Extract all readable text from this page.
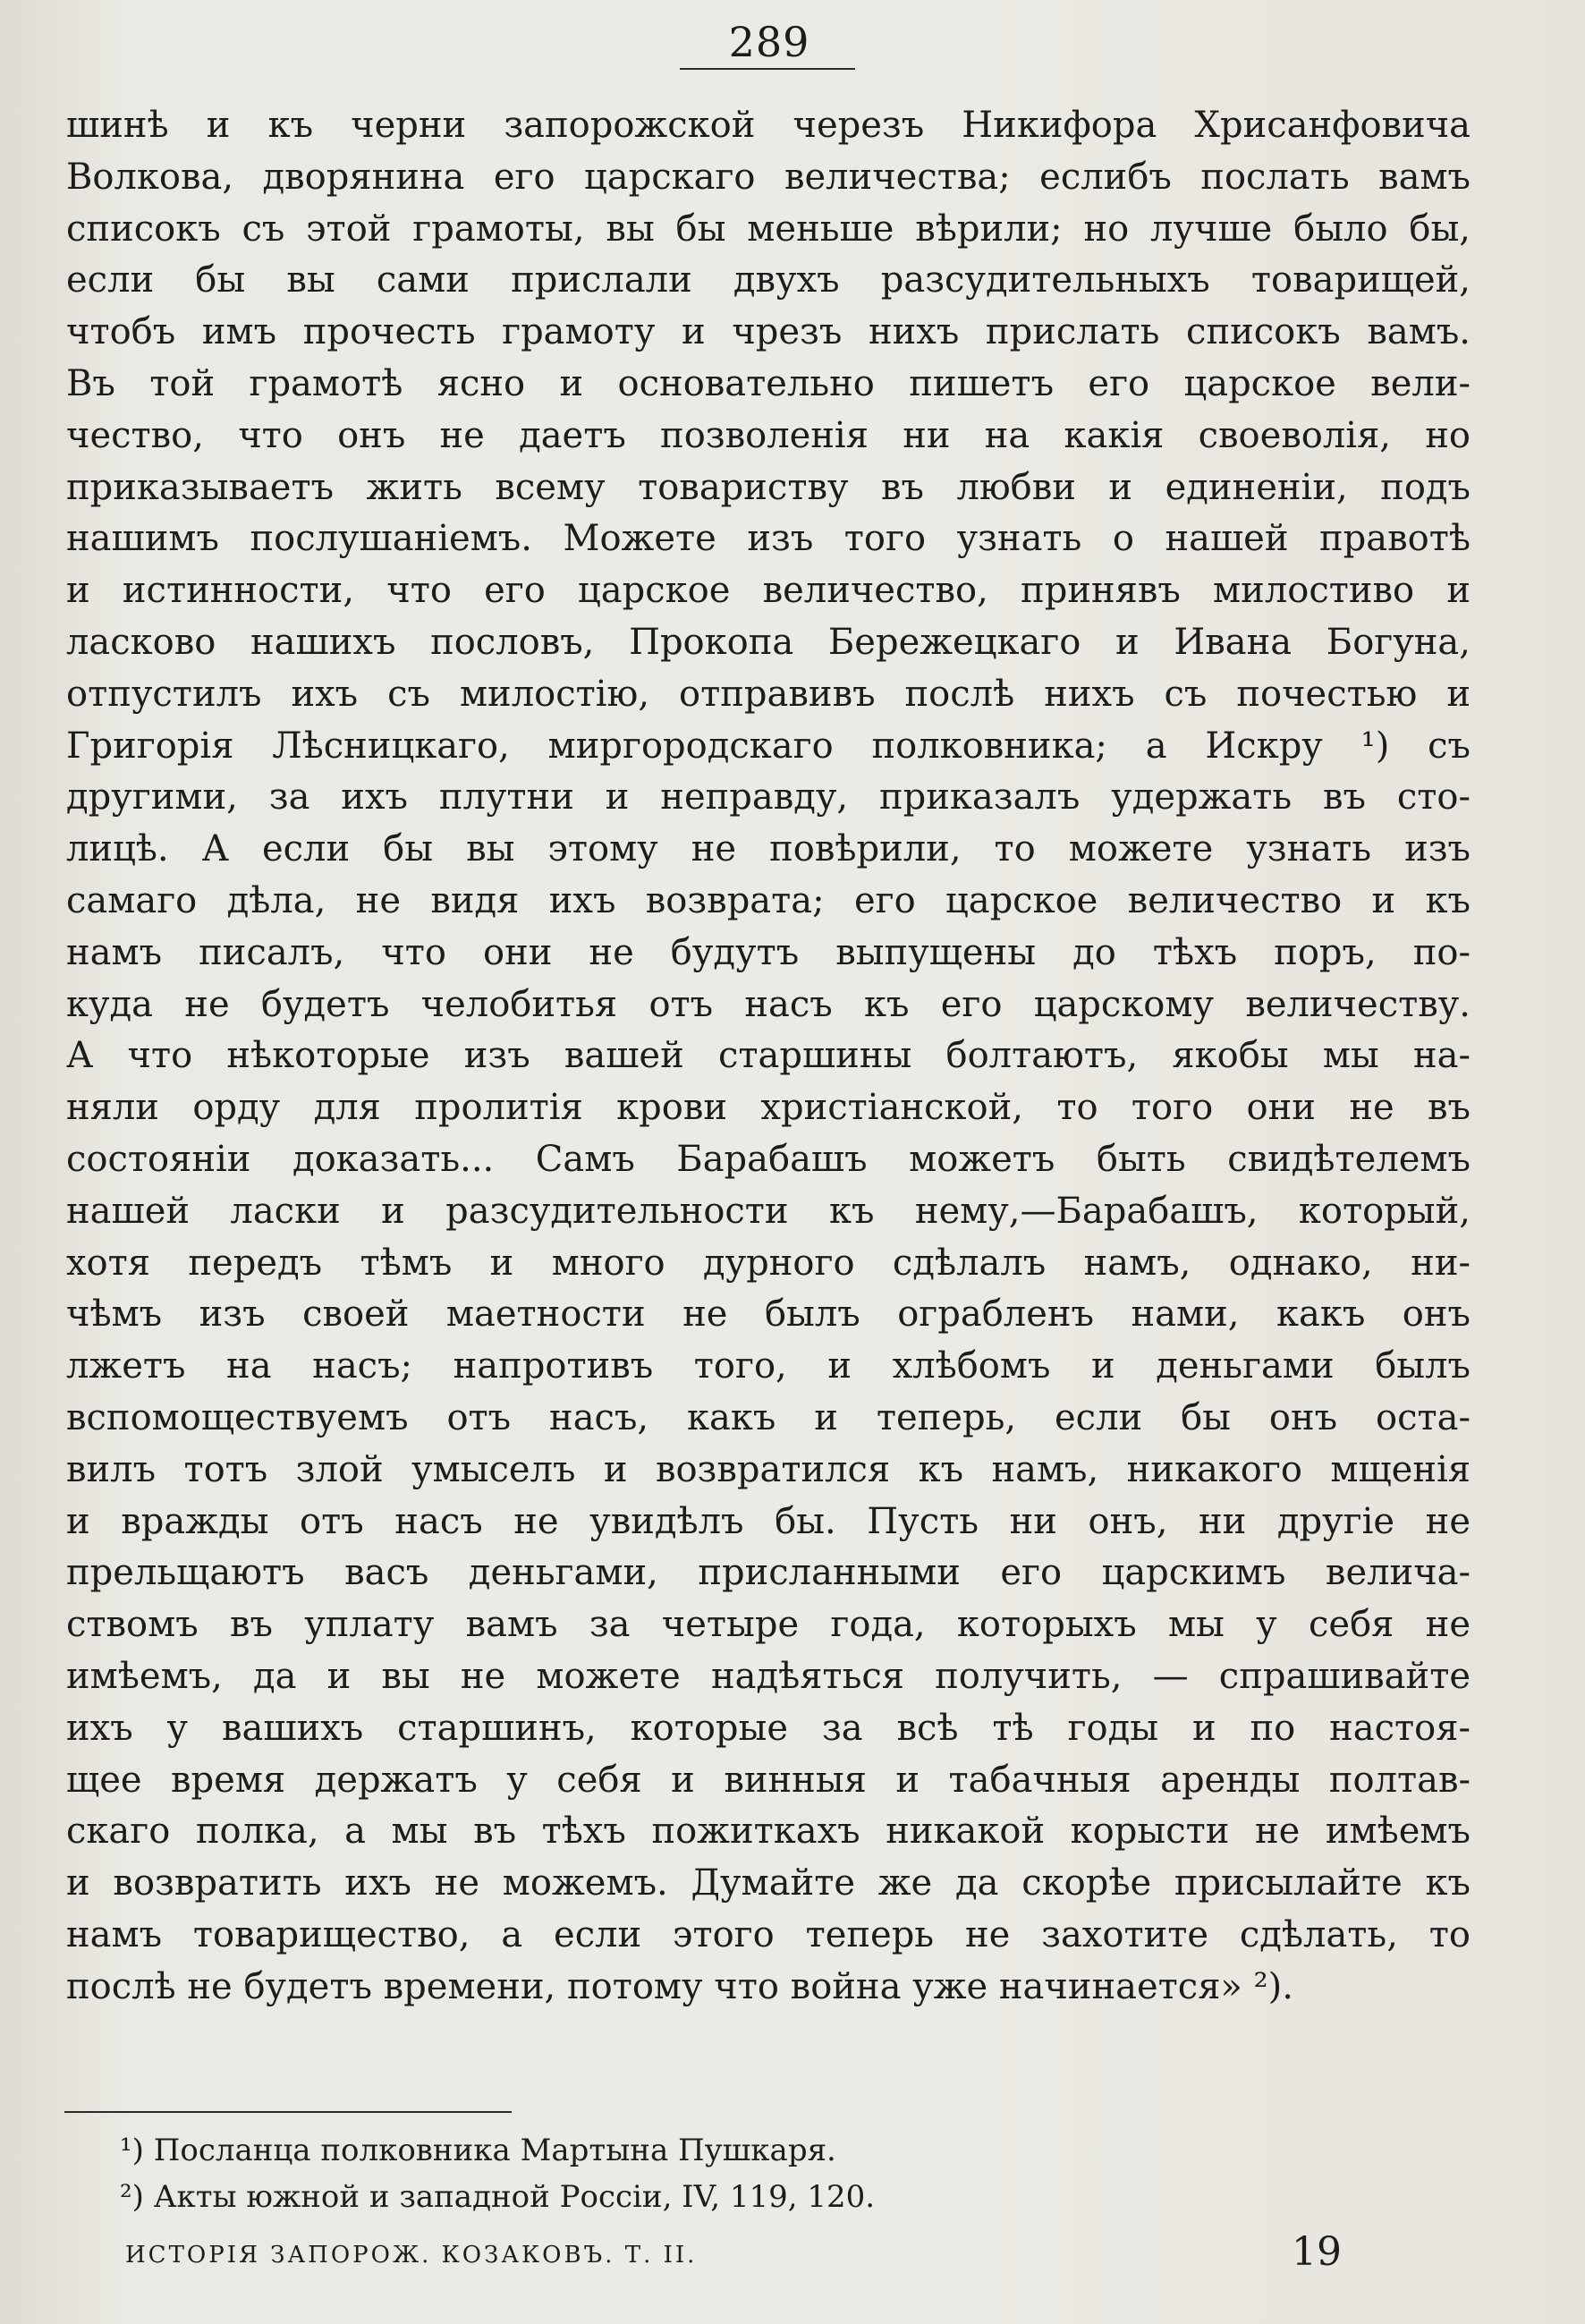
289
шинѣ и къ черни запорожской черезъ Никифора Хрисанфовича
Волкова, дворянина его царскаго величества; еслибъ послать вамъ
списокъ съ этой грамоты, вы бы меньше вѣрили; но лучше было бы,
если бы вы сами прислали двухъ разсудительныхъ товарищей,
чтобъ имъ прочесть грамоту и чрезъ нихъ прислать списокъ вамъ.
Въ той грамотѣ ясно и основательно пишетъ его царское вели-
чество, что онъ не даетъ позволенія ни на какія своеволія, но
приказываетъ жить всему товариству въ любви и единеніи, подъ
нашимъ послушаніемъ. Можете изъ того узнать о нашей правотѣ
и истинности, что его царское величество, принявъ милостиво и
ласково нашихъ пословъ, Прокопа Бережецкаго и Ивана Богуна,
отпустилъ ихъ съ милостію, отправивъ послѣ нихъ съ почестью и
Григорія Лѣсницкаго, миргородскаго полковника; а Искру ¹) съ
другими, за ихъ плутни и неправду, приказалъ удержать въ сто-
лицѣ. А если бы вы этому не повѣрили, то можете узнать изъ
самаго дѣла, не видя ихъ возврата; его царское величество и къ
намъ писалъ, что они не будутъ выпущены до тѣхъ поръ, по-
куда не будетъ челобитья отъ насъ къ его царскому величеству.
А что нѣкоторые изъ вашей старшины болтаютъ, якобы мы на-
няли орду для пролитія крови христіанской, то того они не въ
состояніи доказать... Самъ Барабашъ можетъ быть свидѣтелемъ
нашей ласки и разсудительности къ нему,—Барабашъ, который,
хотя передъ тѣмъ и много дурного сдѣлалъ намъ, однако, ни-
чѣмъ изъ своей маетности не былъ ограбленъ нами, какъ онъ
лжетъ на насъ; напротивъ того, и хлѣбомъ и деньгами былъ
вспомоществуемъ отъ насъ, какъ и теперь, если бы онъ оста-
вилъ тотъ злой умыселъ и возвратился къ намъ, никакого мщенія
и вражды отъ насъ не увидѣлъ бы. Пусть ни онъ, ни другіе не
прельщаютъ васъ деньгами, присланными его царскимъ велича-
ствомъ въ уплату вамъ за четыре года, которыхъ мы у себя не
имѣемъ, да и вы не можете надѣяться получить, — спрашивайте
ихъ у вашихъ старшинъ, которые за всѣ тѣ годы и по настоя-
щее время держатъ у себя и винныя и табачныя аренды полтав-
скаго полка, а мы въ тѣхъ пожиткахъ никакой корысти не имѣемъ
и возвратить ихъ не можемъ. Думайте же да скорѣе присылайте къ
намъ товарищество, а если этого теперь не захотите сдѣлать, то
послѣ не будетъ времени, потому что война уже начинается» ²).
¹) Посланца полковника Мартына Пушкаря.
²) Акты южной и западной Россіи, IV, 119, 120.
ИСТОРІЯ ЗАПОРОЖ. КОЗАКОВЪ. Т. II.	19
